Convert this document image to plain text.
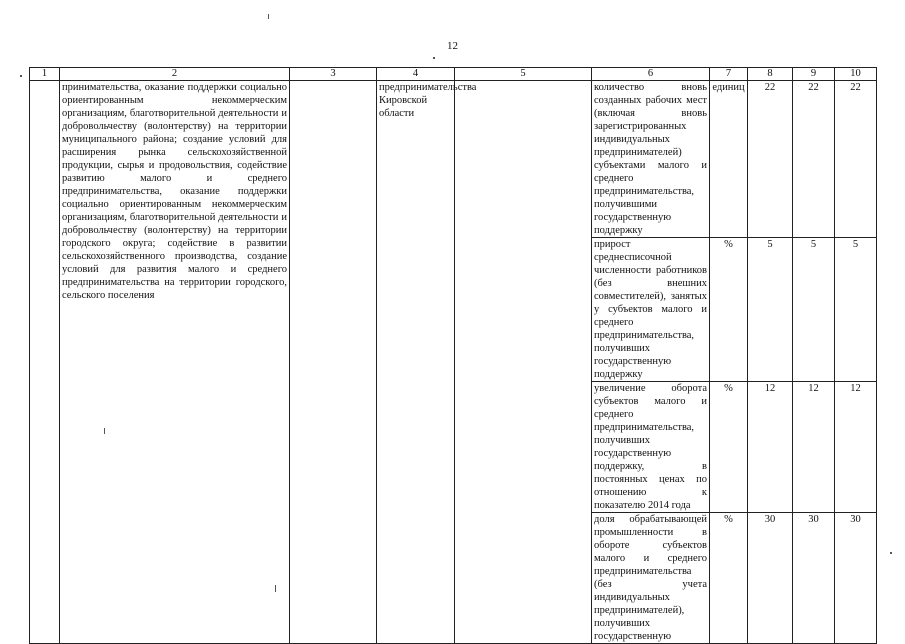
12
1	2	3	4	5	6	7	8	9	10
	принимательства, оказание поддержки социально ориентированным некоммерческим организациям, благотворительной деятельности и добровольчеству (волонтерству) на территории муниципального района; создание условий для расширения рынка сельскохозяйственной продукции, сырья и продовольствия, содействие развитию малого и среднего предпринимательства, оказание поддержки социально ориентированным некоммерческим организациям, благотворительной деятельности и добровольчеству (волонтерству) на территории городского округа; содействие в развитии сельскохозяйственного производства, создание условий для развития малого и среднего предпринимательства на территории городского, сельского поселения		предпринимательства Кировской области		количество вновь созданных рабочих мест (включая вновь зарегистрированных индивидуальных предпринимателей) субъектами малого и среднего предпринимательства, получившими государственную поддержку	единиц	22	22	22
					прирост среднесписочной численности работников (без внешних совместителей), занятых у субъектов малого и среднего предпринимательства, получивших государственную поддержку	%	5	5	5
					увеличение оборота субъектов малого и среднего предпринимательства, получивших государственную поддержку, в постоянных ценах по отношению к показателю 2014 года	%	12	12	12
					доля обрабатывающей промышленности в обороте субъектов малого и среднего предпринимательства (без учета индивидуальных предпринимателей), получивших государственную	%	30	30	30
